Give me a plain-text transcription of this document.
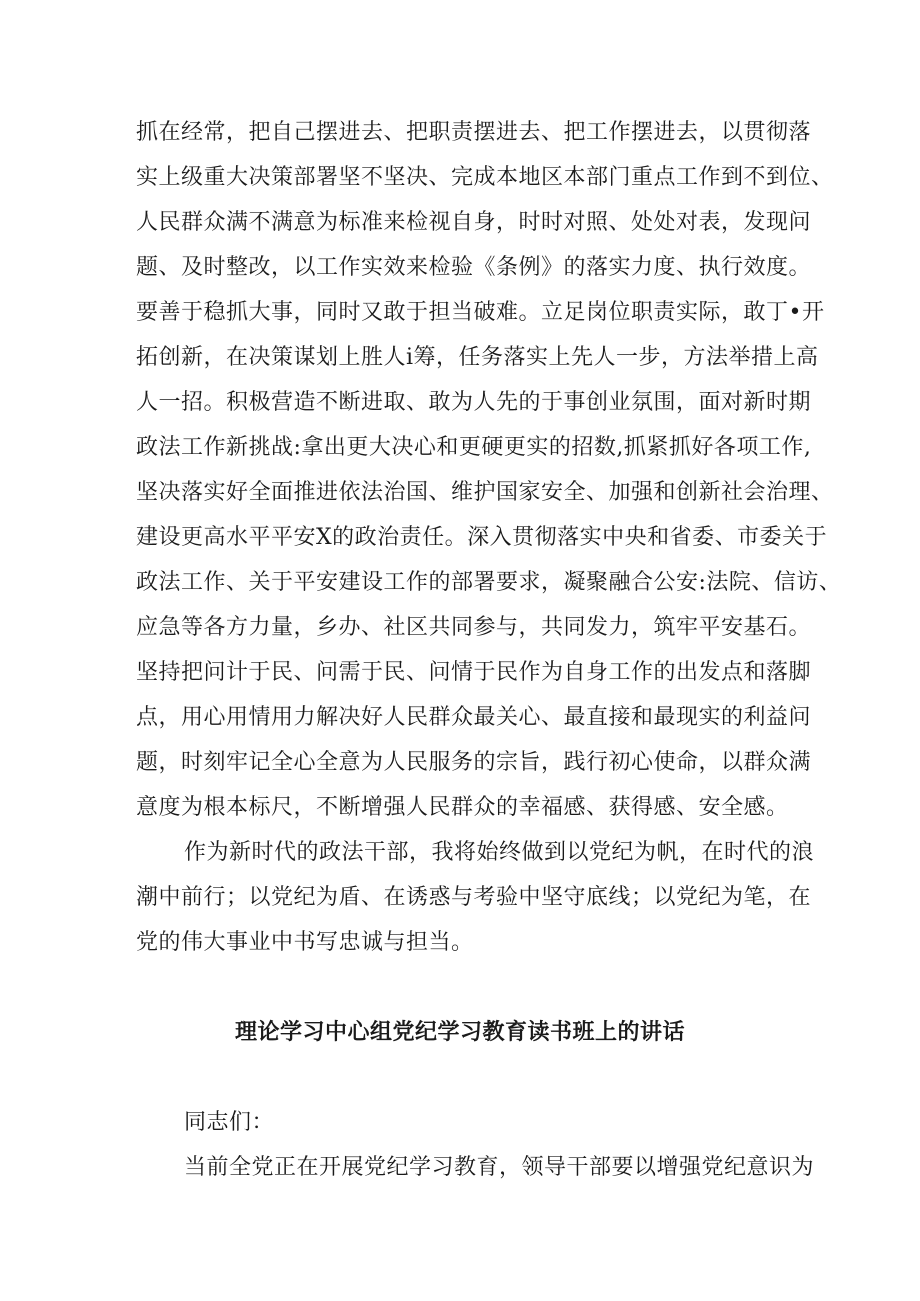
抓在经常，把自己摆进去、把职责摆进去、把工作摆进去，以贯彻落
实上级重大决策部署坚不坚决、完成本地区本部门重点工作到不到位、
人民群众满不满意为标准来检视自身，时时对照、处处对表，发现问
题、及时整改，以工作实效来检验《条例》的落实力度、执行效度。
要善于稳抓大事，同时又敢于担当破难。立足岗位职责实际，敢丁•开
拓创新，在决策谋划上胜人i筹，任务落实上先人一步，方法举措上高
人一招。积极营造不断进取、敢为人先的于事创业氛围，面对新时期
政法工作新挑战:拿出更大决心和更硬更实的招数,抓紧抓好各项工作,
坚决落实好全面推进依法治国、维护国家安全、加强和创新社会治理、
建设更高水平平安X的政治责任。深入贯彻落实中央和省委、市委关于
政法工作、关于平安建设工作的部署要求，凝聚融合公安:法院、信访、
应急等各方力量，乡办、社区共同参与，共同发力，筑牢平安基石。
坚持把问计于民、问需于民、问情于民作为自身工作的出发点和落脚
点，用心用情用力解决好人民群众最关心、最直接和最现实的利益问
题，时刻牢记全心全意为人民服务的宗旨，践行初心使命，以群众满
意度为根本标尺，不断增强人民群众的幸福感、获得感、安全感。
作为新时代的政法干部，我将始终做到以党纪为帆，在时代的浪
潮中前行；以党纪为盾、在诱惑与考验中坚守底线；以党纪为笔，在
党的伟大事业中书写忠诚与担当。
理论学习中心组党纪学习教育读书班上的讲话
同志们：
当前全党正在开展党纪学习教育，领导干部要以增强党纪意识为
